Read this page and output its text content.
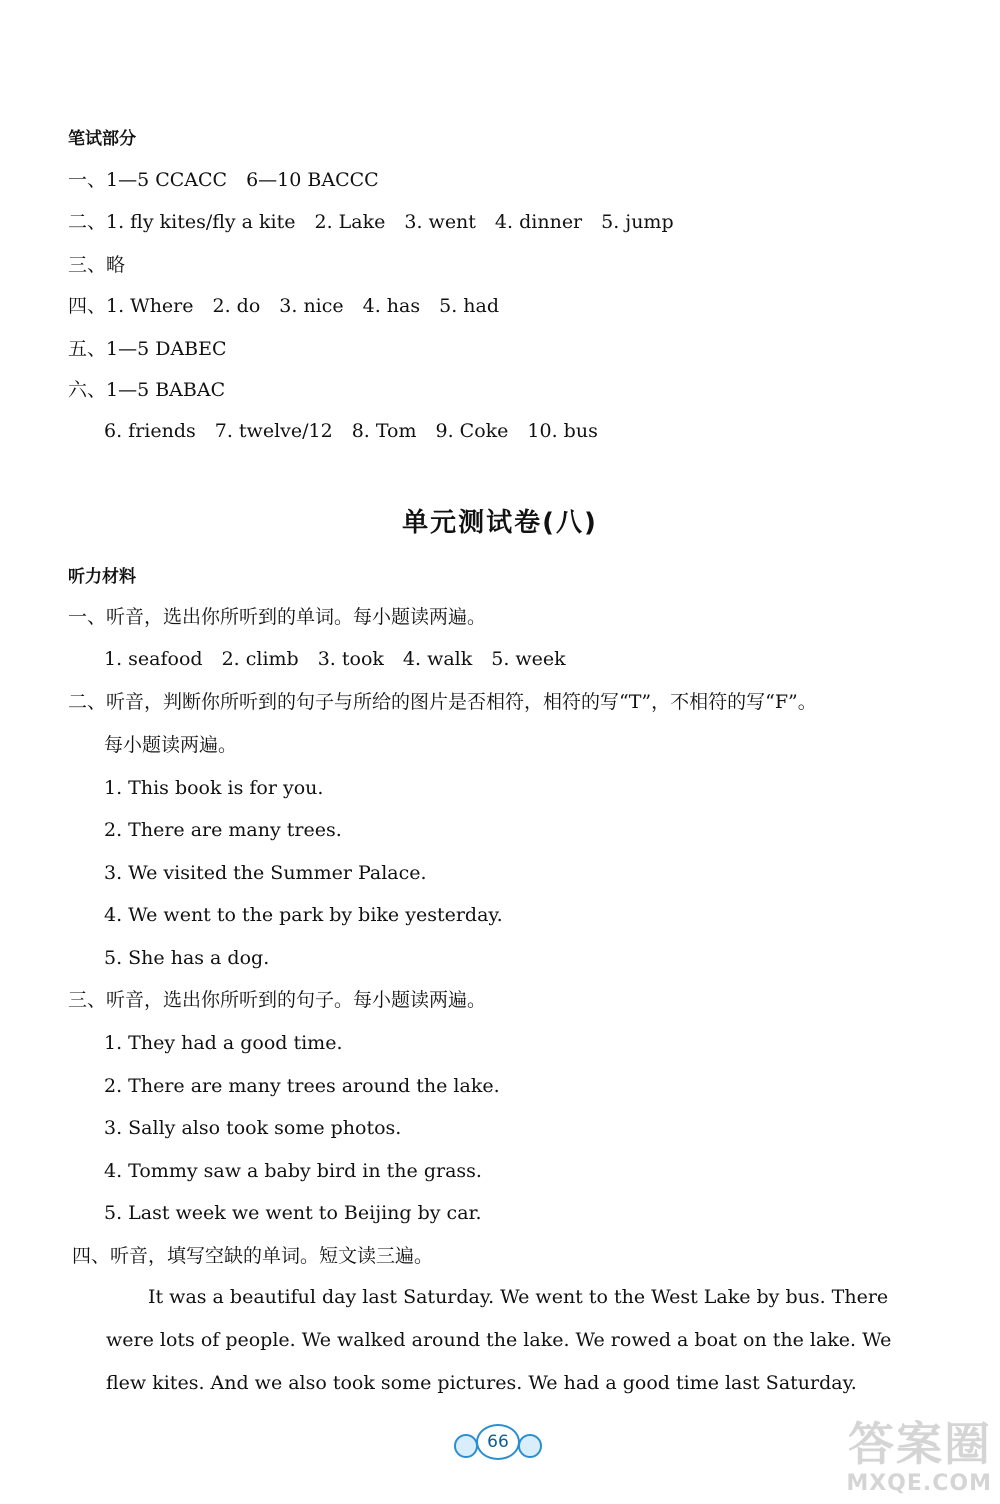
笔试部分
一、1—5 CCACC　6—10 BACCC
二、1. fly kites/fly a kite　2. Lake　3. went　4. dinner　5. jump
三、略
四、1. Where　2. do　3. nice　4. has　5. had
五、1—5 DABEC
六、1—5 BABAC
6. friends　7. twelve/12　8. Tom　9. Coke　10. bus
单元测试卷(八)
听力材料
一、听音，选出你所听到的单词。每小题读两遍。
1. seafood　2. climb　3. took　4. walk　5. week
二、听音，判断你所听到的句子与所给的图片是否相符，相符的写“T”，不相符的写“F”。
每小题读两遍。
1. This book is for you.
2. There are many trees.
3. We visited the Summer Palace.
4. We went to the park by bike yesterday.
5. She has a dog.
三、听音，选出你所听到的句子。每小题读两遍。
1. They had a good time.
2. There are many trees around the lake.
3. Sally also took some photos.
4. Tommy saw a baby bird in the grass.
5. Last week we went to Beijing by car.
四、听音，填写空缺的单词。短文读三遍。
It was a beautiful day last Saturday. We went to the West Lake by bus. There were lots of people. We walked around the lake. We rowed a boat on the lake. We flew kites. And we also took some pictures. We had a good time last Saturday.
66	答案圈
MXQE.COM
